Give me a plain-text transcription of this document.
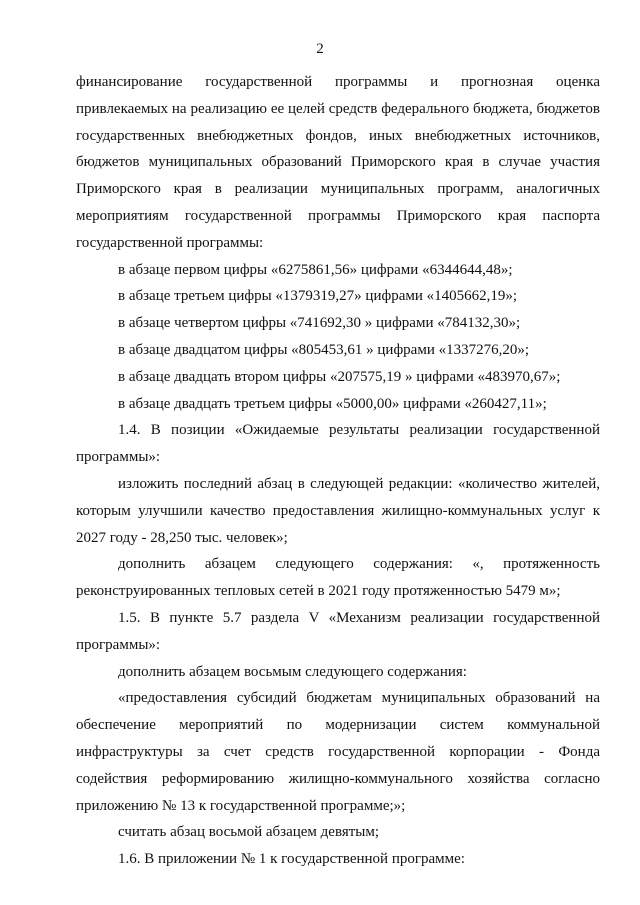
2

финансирование государственной программы и прогнозная оценка привлекаемых на реализацию ее целей средств федерального бюджета, бюджетов государственных внебюджетных фондов, иных внебюджетных источников, бюджетов муниципальных образований Приморского края в случае участия Приморского края в реализации муниципальных программ, аналогичных мероприятиям государственной программы Приморского края паспорта государственной программы:

в абзаце первом цифры «6275861,56» цифрами «6344644,48»;

в абзаце третьем цифры «1379319,27» цифрами «1405662,19»;

в абзаце четвертом цифры «741692,30 » цифрами «784132,30»;

в абзаце двадцатом цифры «805453,61 » цифрами «1337276,20»;

в абзаце двадцать втором цифры «207575,19 » цифрами «483970,67»;

в абзаце двадцать третьем цифры «5000,00» цифрами «260427,11»;

1.4. В позиции «Ожидаемые результаты реализации государственной программы»:

изложить последний абзац в следующей редакции: «количество жителей, которым улучшили качество предоставления жилищно-коммунальных услуг к 2027 году - 28,250 тыс. человек»;

дополнить абзацем следующего содержания: «, протяженность реконструированных тепловых сетей в 2021 году протяженностью 5479 м»;

1.5. В пункте 5.7 раздела V «Механизм реализации государственной программы»:

дополнить абзацем восьмым следующего содержания:

«предоставления субсидий бюджетам муниципальных образований на обеспечение мероприятий по модернизации систем коммунальной инфраструктуры за счет средств государственной корпорации - Фонда содействия реформированию жилищно-коммунального хозяйства согласно приложению № 13 к государственной программе;»;

считать абзац восьмой абзацем девятым;

1.6. В приложении № 1 к государственной программе:
